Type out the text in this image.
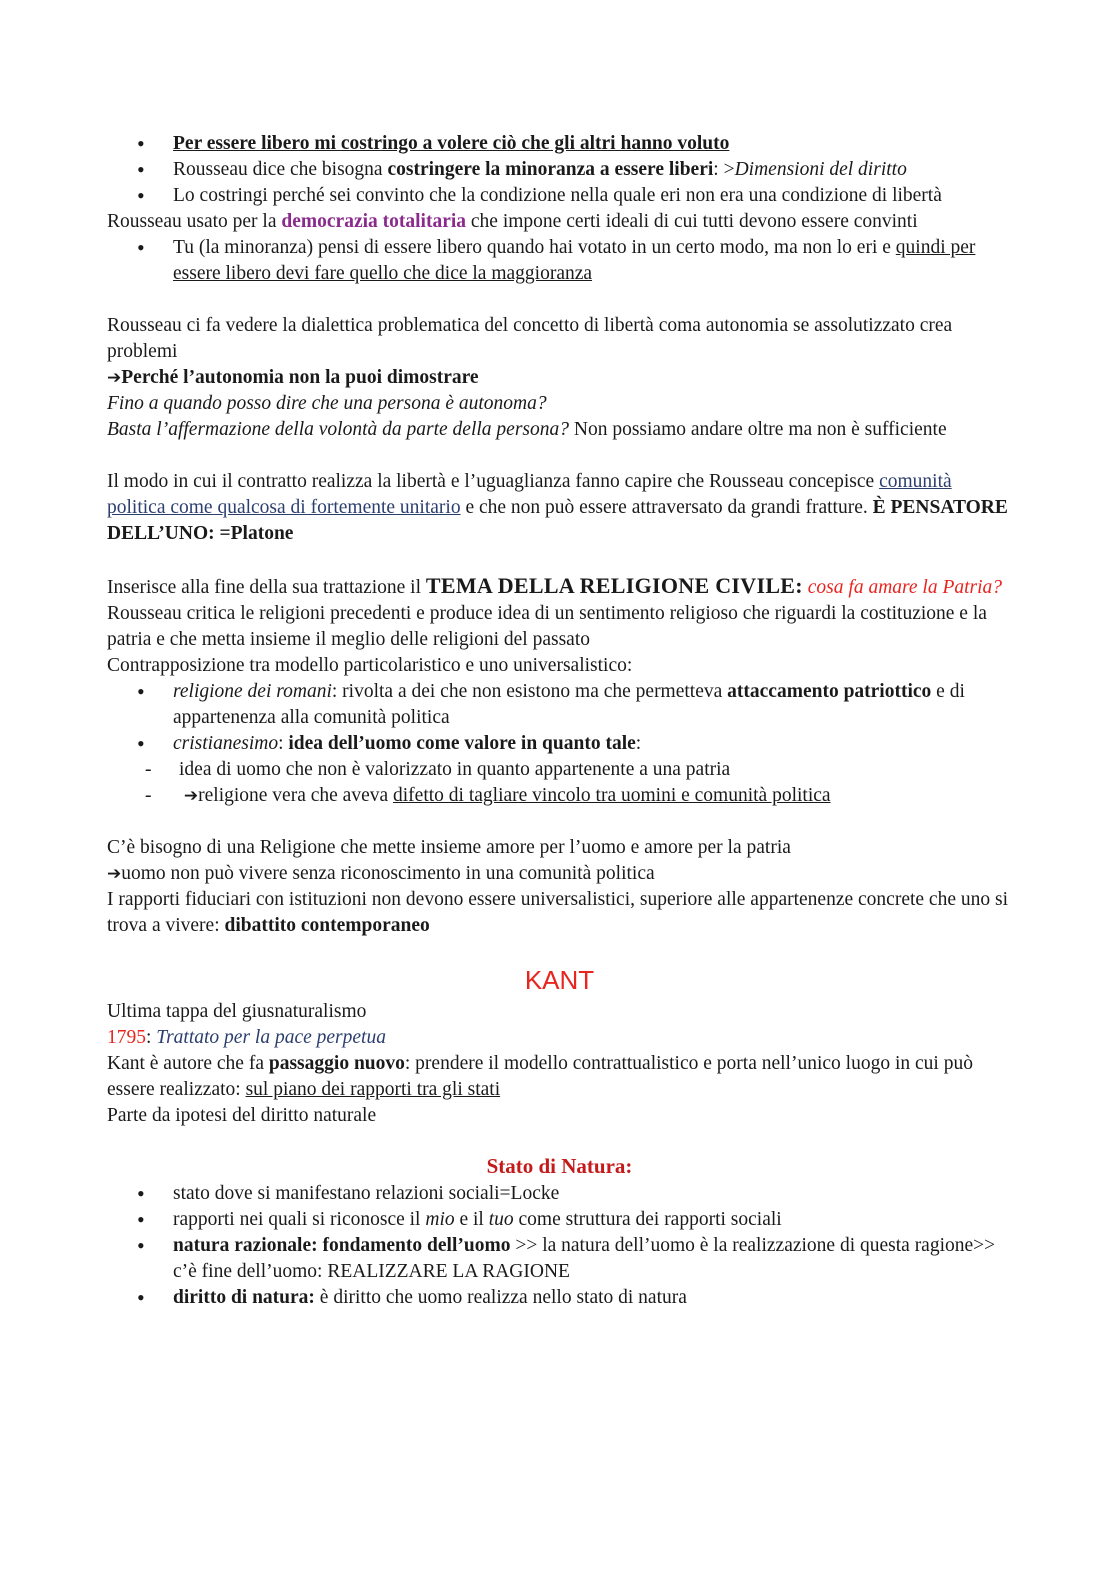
• Per essere libero mi costringo a volere ciò che gli altri hanno voluto
• Rousseau dice che bisogna costringere la minoranza a essere liberi: >Dimensioni del diritto
• Lo costringi perché sei convinto che la condizione nella quale eri non era una condizione di libertà

Rousseau usato per la democrazia totalitaria che impone certi ideali di cui tutti devono essere convinti

• Tu (la minoranza) pensi di essere libero quando hai votato in un certo modo, ma non lo eri e quindi per essere libero devi fare quello che dice la maggioranza

Rousseau ci fa vedere la dialettica problematica del concetto di libertà coma autonomia se assolutizzato crea problemi

➔Perché l’autonomia non la puoi dimostrare

Fino a quando posso dire che una persona è autonoma?

Basta l’affermazione della volontà da parte della persona? Non possiamo andare oltre ma non è sufficiente

Il modo in cui il contratto realizza la libertà e l’uguaglianza fanno capire che Rousseau concepisce comunità politica come qualcosa di fortemente unitario e che non può essere attraversato da grandi fratture. È PENSATORE DELL’UNO: =Platone

Inserisce alla fine della sua trattazione il TEMA DELLA RELIGIONE CIVILE: cosa fa amare la Patria?

Rousseau critica le religioni precedenti e produce idea di un sentimento religioso che riguardi la costituzione e la patria e che metta insieme il meglio delle religioni del passato

Contrapposizione tra modello particolaristico e uno universalistico:

• religione dei romani: rivolta a dei che non esistono ma che permetteva attaccamento patriottico e di appartenenza alla comunità politica
• cristianesimo: idea dell’uomo come valore in quanto tale:
- idea di uomo che non è valorizzato in quanto appartenente a una patria
- ➔religione vera che aveva difetto di tagliare vincolo tra uomini e comunità politica

C’è bisogno di una Religione che mette insieme amore per l’uomo e amore per la patria

➔uomo non può vivere senza riconoscimento in una comunità politica

I rapporti fiduciari con istituzioni non devono essere universalistici, superiore alle appartenenze concrete che uno si trova a vivere: dibattito contemporaneo

KANT

Ultima tappa del giusnaturalismo

1795: Trattato per la pace perpetua

Kant è autore che fa passaggio nuovo: prendere il modello contrattualistico e porta nell’unico luogo in cui può essere realizzato: sul piano dei rapporti tra gli stati

Parte da ipotesi del diritto naturale

Stato di Natura:
• stato dove si manifestano relazioni sociali=Locke
• rapporti nei quali si riconosce il mio e il tuo come struttura dei rapporti sociali
• natura razionale: fondamento dell’uomo >> la natura dell’uomo è la realizzazione di questa ragione>> c’è fine dell’uomo: REALIZZARE LA RAGIONE
• diritto di natura: è diritto che uomo realizza nello stato di natura
